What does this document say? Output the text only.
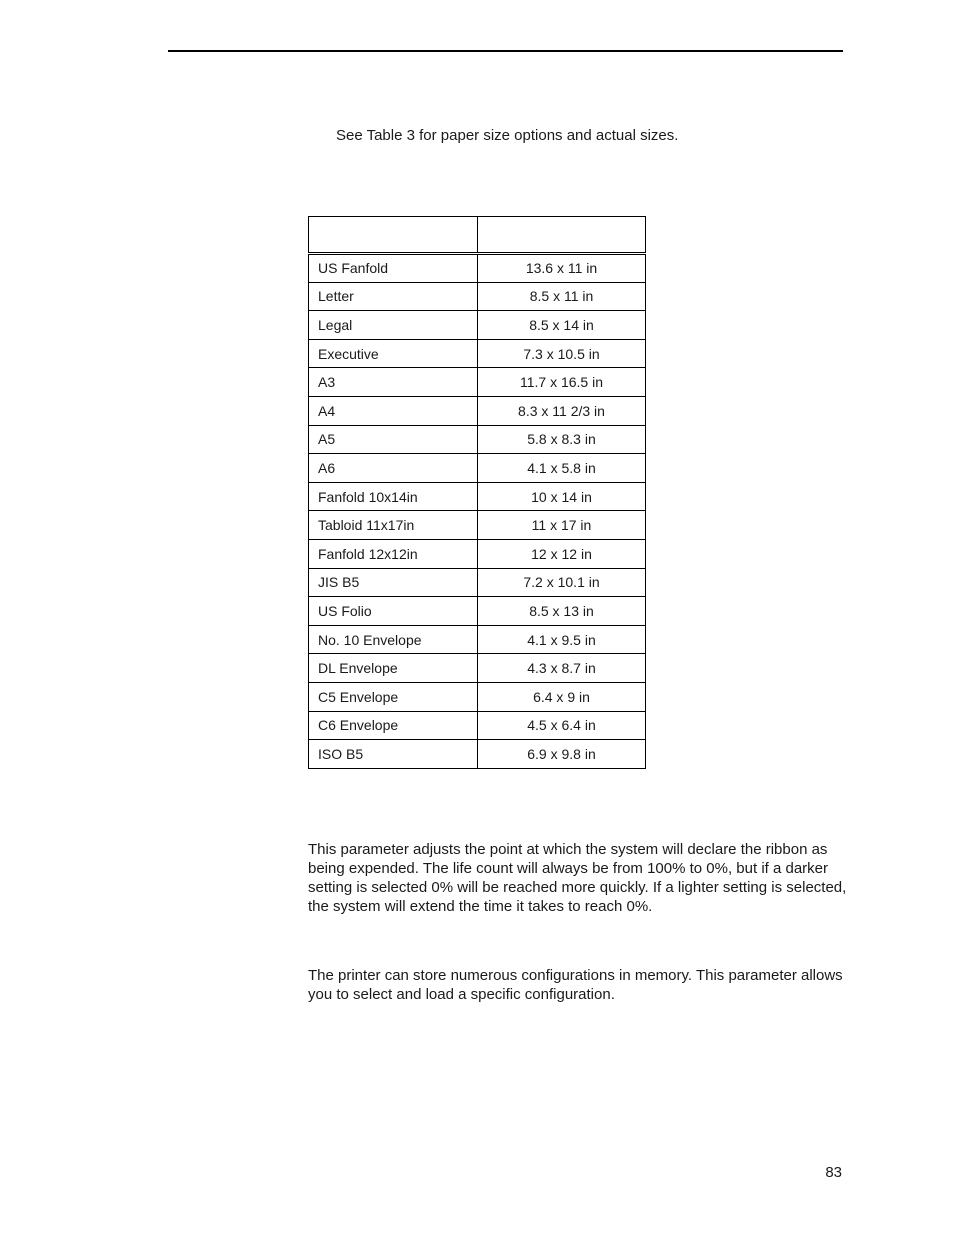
See Table 3 for paper size options and actual sizes.

US Fanfold	13.6 x 11 in
Letter	8.5 x 11 in
Legal	8.5 x 14 in
Executive	7.3 x 10.5 in
A3	11.7 x 16.5 in
A4	8.3 x 11 2/3 in
A5	5.8 x 8.3 in
A6	4.1 x 5.8 in
Fanfold 10x14in	10 x 14 in
Tabloid 11x17in	11 x 17 in
Fanfold 12x12in	12 x 12 in
JIS B5	7.2 x 10.1 in
US Folio	8.5 x 13 in
No. 10 Envelope	4.1 x 9.5 in
DL Envelope	4.3 x 8.7 in
C5 Envelope	6.4 x 9 in
C6 Envelope	4.5 x 6.4 in
ISO B5	6.9 x 9.8 in

This parameter adjusts the point at which the system will declare the ribbon as being expended. The life count will always be from 100% to 0%, but if a darker setting is selected 0% will be reached more quickly. If a lighter setting is selected, the system will extend the time it takes to reach 0%.

The printer can store numerous configurations in memory. This parameter allows you to select and load a specific configuration.

83
